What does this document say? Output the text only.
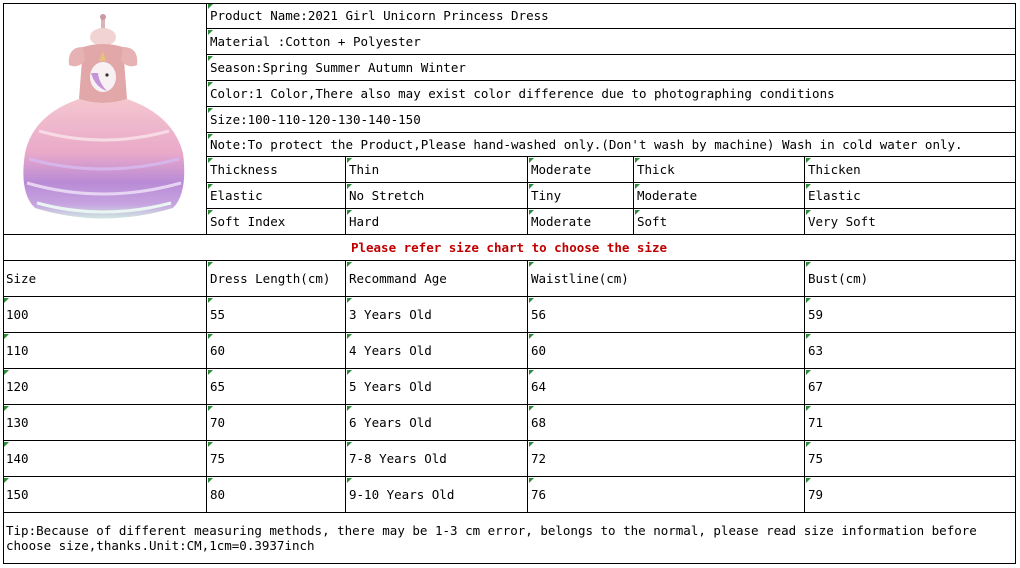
Product Name:2021 Girl Unicorn Princess Dress
Material :Cotton + Polyester
Season:Spring Summer Autumn Winter
Color:1 Color,There also may exist color difference due to photographing conditions
Size:100-110-120-130-140-150
Note:To protect the Product,Please hand-washed only.(Don't wash by machine) Wash in cold water only.
Thickness	Thin	Moderate	Thick	Thicken
Elastic	No Stretch	Tiny	Moderate	Elastic
Soft Index	Hard	Moderate	Soft	Very Soft
Please refer size chart to choose the size
Size	Dress Length(cm)	Recommand Age	Waistline(cm)	Bust(cm)
100	55	3 Years Old	56	59
110	60	4 Years Old	60	63
120	65	5 Years Old	64	67
130	70	6 Years Old	68	71
140	75	7-8 Years Old	72	75
150	80	9-10 Years Old	76	79
Tip:Because of different measuring methods, there may be 1-3 cm error, belongs to the normal, please read size information before choose size,thanks.Unit:CM,1cm=0.3937inch
